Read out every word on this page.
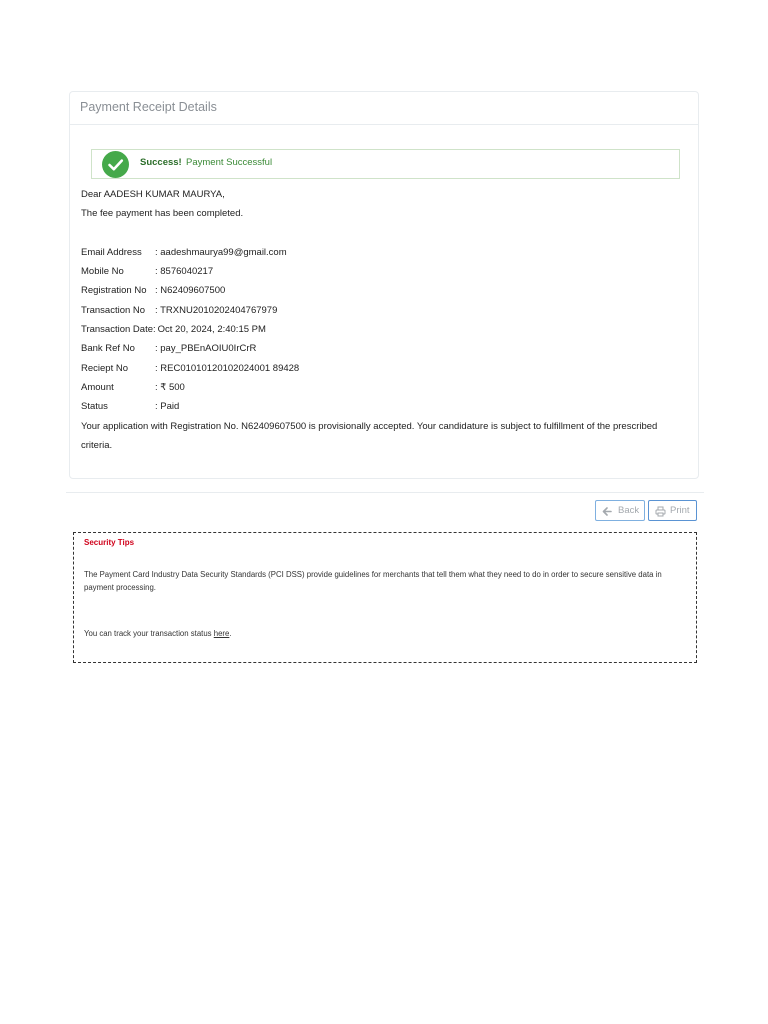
Payment Receipt Details
Success! Payment Successful
Dear AADESH KUMAR MAURYA,
The fee payment has been completed.
Email Address : aadeshmaurya99@gmail.com
Mobile No	: 8576040217
Registration No : N62409607500
Transaction No : TRXNU2010202404767979
Transaction Date: Oct 20, 2024, 2:40:15 PM
Bank Ref No : pay_PBEnAOIU0IrCrR
Reciept No	: REC01010120102024001 89428
Amount	: ₹ 500
Status	: Paid
Your application with Registration No. N62409607500 is provisionally accepted. Your candidature is subject to fulfillment of the prescribed criteria.
Back	Print
Security Tips
The Payment Card Industry Data Security Standards (PCI DSS) provide guidelines for merchants that tell them what they need to do in order to secure sensitive data in payment processing.
You can track your transaction status here.
